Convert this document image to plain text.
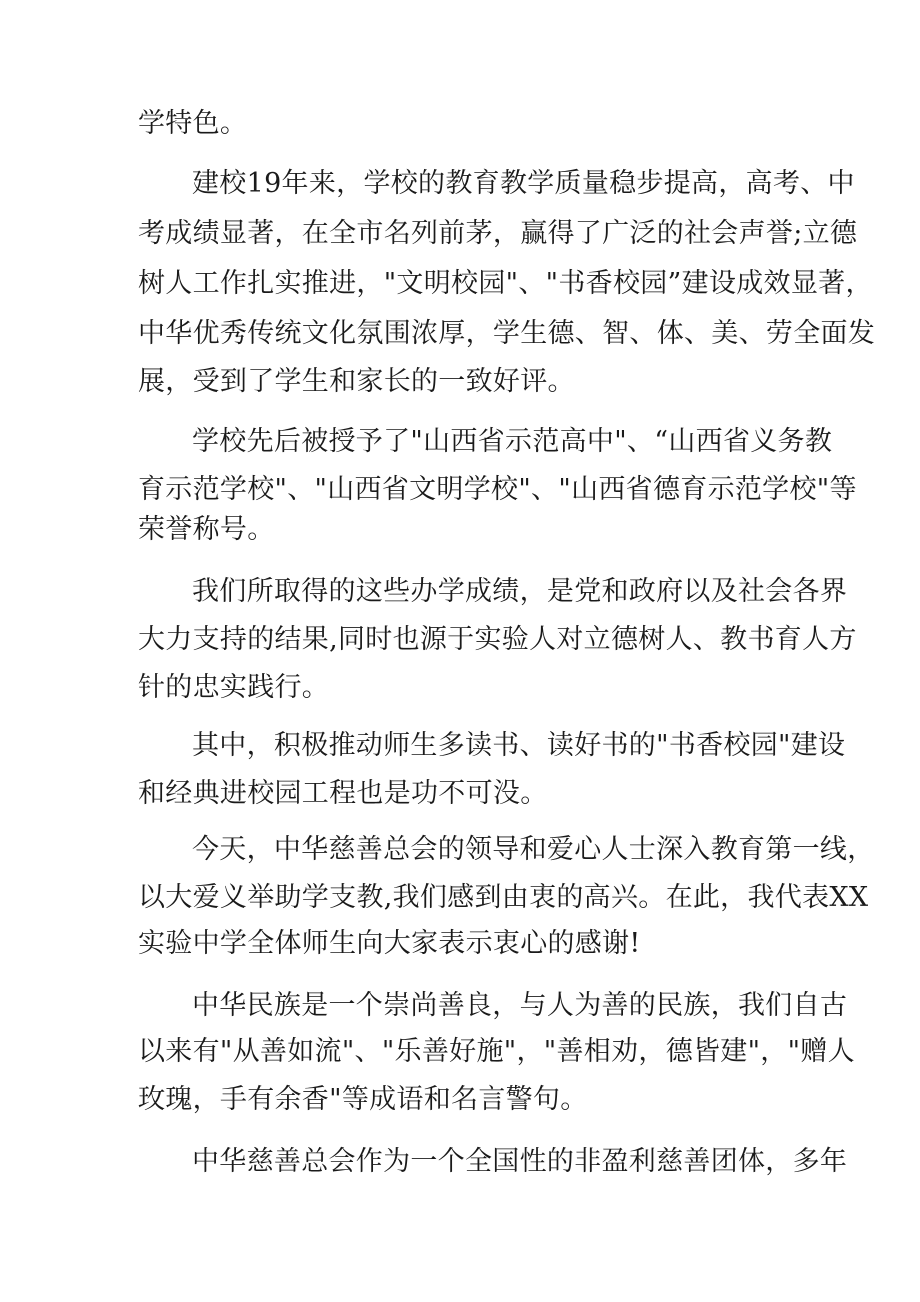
学特色。
建校19年来，学校的教育教学质量稳步提高，高考、中
考成绩显著，在全市名列前茅，赢得了广泛的社会声誉;立德
树人工作扎实推进，"文明校园"、"书香校园”建设成效显著，
中华优秀传统文化氛围浓厚，学生德、智、体、美、劳全面发
展，受到了学生和家长的一致好评。
学校先后被授予了"山西省示范高中"、“山西省义务教
育示范学校"、"山西省文明学校"、"山西省德育示范学校"等
荣誉称号。
我们所取得的这些办学成绩，是党和政府以及社会各界
大力支持的结果,同时也源于实验人对立德树人、教书育人方
针的忠实践行。
其中，积极推动师生多读书、读好书的"书香校园"建设
和经典进校园工程也是功不可没。
今天，中华慈善总会的领导和爱心人士深入教育第一线，
以大爱义举助学支教,我们感到由衷的高兴。在此，我代表XX
实验中学全体师生向大家表示衷心的感谢!
中华民族是一个崇尚善良，与人为善的民族，我们自古
以来有"从善如流"、"乐善好施"，"善相劝，德皆建"，"赠人
玫瑰，手有余香"等成语和名言警句。
中华慈善总会作为一个全国性的非盈利慈善团体，多年
